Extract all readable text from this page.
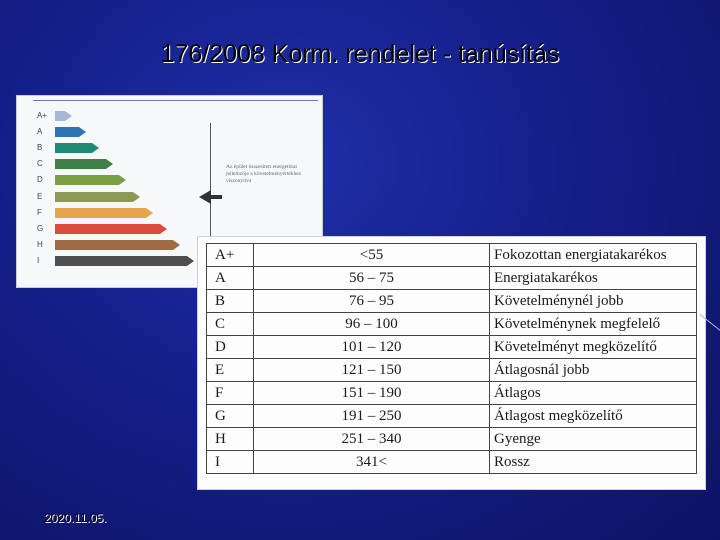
176/2008 Korm. rendelet - tanúsítás
A+
A
B
C
D
E
F
G
H
I
Az épület összesített energetikai jellemzője a követelményértékhez viszonyítva
A+	<55	Fokozottan energiatakarékos
A	56 – 75	Energiatakarékos
B	76 – 95	Követelménynél jobb
C	96 – 100	Követelménynek megfelelő
D	101 – 120	Követelményt megközelítő
E	121 – 150	Átlagosnál jobb
F	151 – 190	Átlagos
G	191 – 250	Átlagost megközelítő
H	251 – 340	Gyenge
I	341<	Rossz
2020.11.05.
